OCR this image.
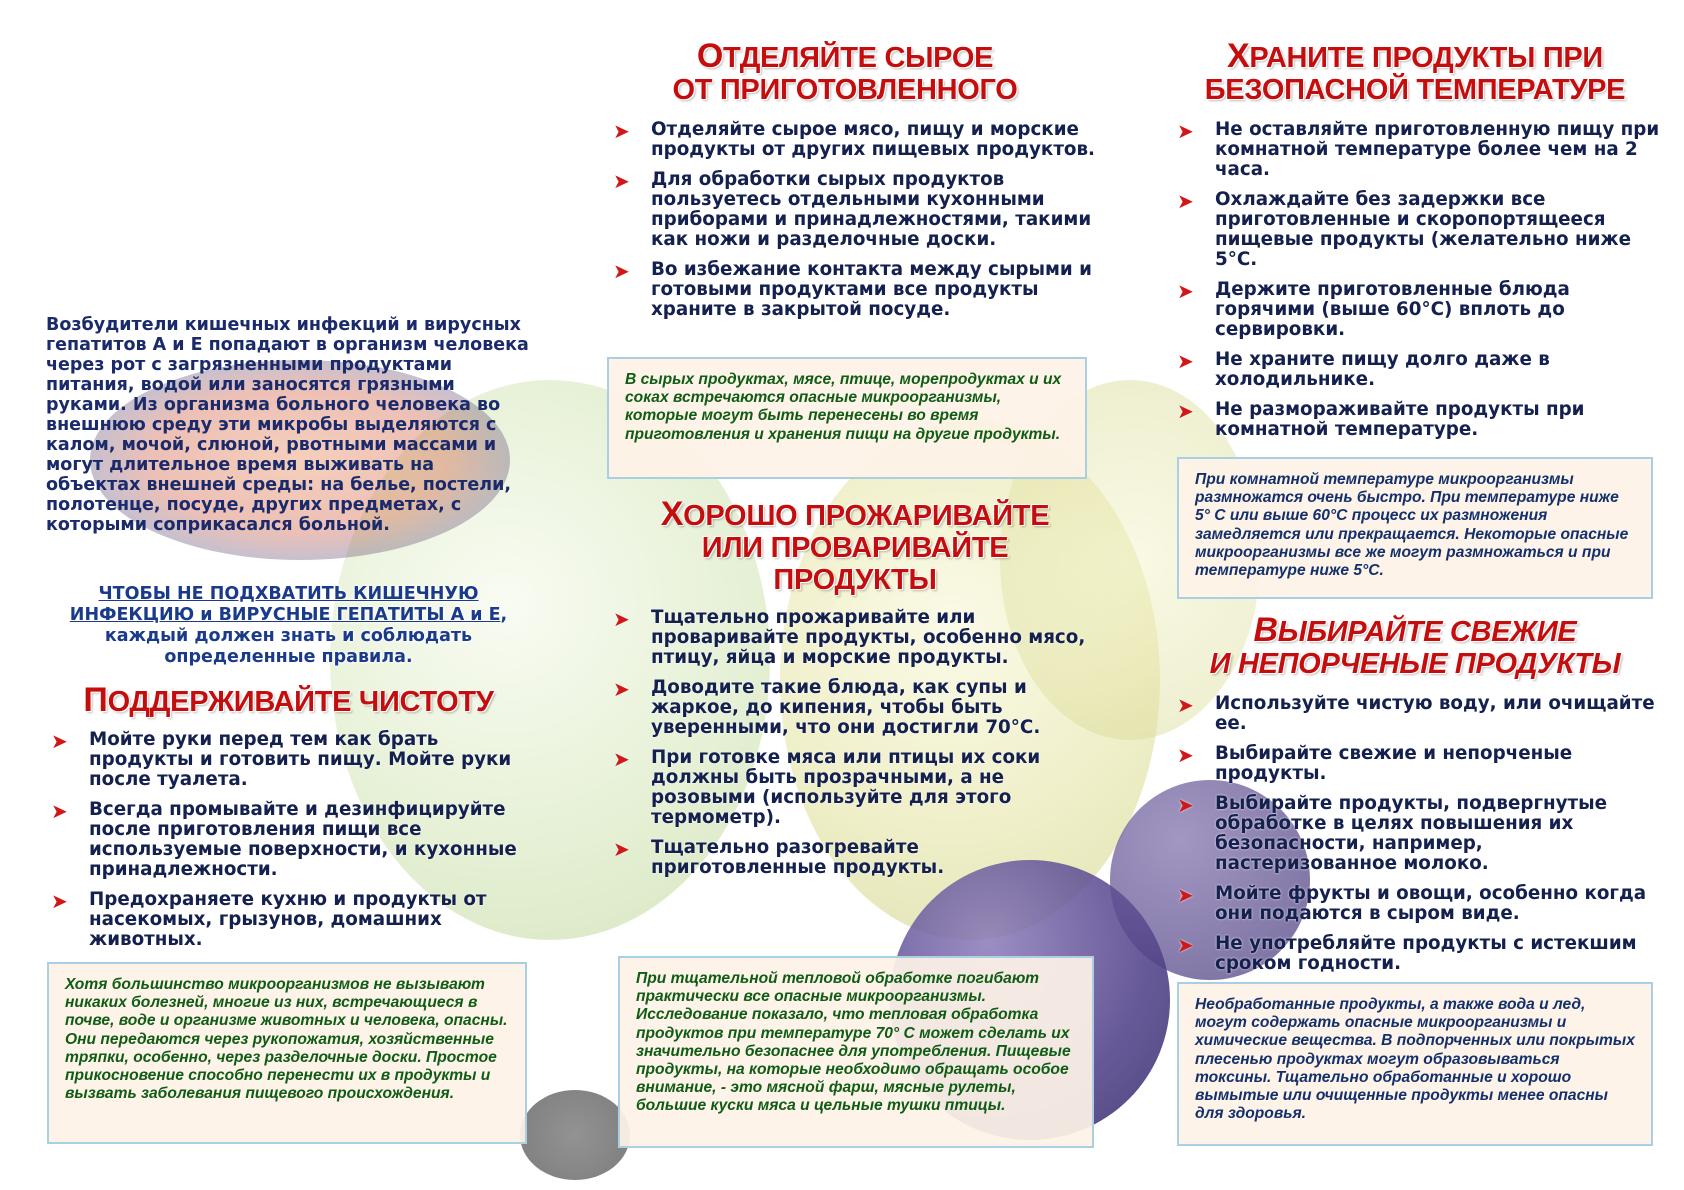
Возбудители кишечных инфекций и вирусных гепатитов А и Е попадают в организм человека через рот с загрязненными продуктами питания, водой или заносятся грязными руками. Из организма больного человека во внешнюю среду эти микробы выделяются с калом, мочой, слюной, рвотными массами и могут длительное время выживать на объектах внешней среды: на белье, постели, полотенце, посуде, других предметах, с которыми соприкасался больной.
ЧТОБЫ НЕ ПОДХВАТИТЬ КИШЕЧНУЮ ИНФЕКЦИЮ и ВИРУСНЫЕ ГЕПАТИТЫ А и Е, каждый должен знать и соблюдать определенные правила.
ПОДДЕРЖИВАЙТЕ ЧИСТОТУ
➤ Мойте руки перед тем как брать продукты и готовить пищу. Мойте руки после туалета.
➤ Всегда промывайте и дезинфицируйте после приготовления пищи все используемые поверхности, и кухонные принадлежности.
➤ Предохраняете кухню и продукты от насекомых, грызунов, домашних животных.
Хотя большинство микроорганизмов не вызывают никаких болезней, многие из них, встречающиеся в почве, воде и организме животных и человека, опасны. Они передаются через рукопожатия, хозяйственные тряпки, особенно, через разделочные доски. Простое прикосновение способно перенести их в продукты и вызвать заболевания пищевого происхождения.
ОТДЕЛЯЙТЕ СЫРОЕ
ОТ ПРИГОТОВЛЕННОГО
➤ Отделяйте сырое мясо, пищу и морские продукты от других пищевых продуктов.
➤ Для обработки сырых продуктов пользуетесь отдельными кухонными приборами и принадлежностями, такими как ножи и разделочные доски.
➤ Во избежание контакта между сырыми и готовыми продуктами все продукты храните в закрытой посуде.
В сырых продуктах, мясе, птице, морепродуктах и их соках встречаются опасные микроорганизмы, которые могут быть перенесены во время приготовления и хранения пищи на другие продукты.
ХОРОШО ПРОЖАРИВАЙТЕ
ИЛИ ПРОВАРИВАЙТЕ
ПРОДУКТЫ
➤ Тщательно прожаривайте или проваривайте продукты, особенно мясо, птицу, яйца и морские продукты.
➤ Доводите такие блюда, как супы и жаркое, до кипения, чтобы быть уверенными, что они достигли 70°С.
➤ При готовке мяса или птицы их соки должны быть прозрачными, а не розовыми (используйте для этого термометр).
➤ Тщательно разогревайте приготовленные продукты.
При тщательной тепловой обработке погибают практически все опасные микроорганизмы. Исследование показало, что тепловая обработка продуктов при температуре 70° С может сделать их значительно безопаснее для употребления. Пищевые продукты, на которые необходимо обращать особое внимание, - это мясной фарш, мясные рулеты, большие куски мяса и цельные тушки птицы.
ХРАНИТЕ ПРОДУКТЫ ПРИ
БЕЗОПАСНОЙ ТЕМПЕРАТУРЕ
➤ Не оставляйте приготовленную пищу при комнатной температуре более чем на 2 часа.
➤ Охлаждайте без задержки все приготовленные и скоропортящееся пищевые продукты (желательно ниже 5°С.
➤ Держите приготовленные блюда горячими (выше 60°С) вплоть до сервировки.
➤ Не храните пищу долго даже в холодильнике.
➤ Не размораживайте продукты при комнатной температуре.
При комнатной температуре микроорганизмы размножатся очень быстро. При температуре ниже 5° С или выше 60°С процесс их размножения замедляется или прекращается. Некоторые опасные микроорганизмы все же могут размножаться и при температуре ниже 5°С.
ВЫБИРАЙТЕ СВЕЖИЕ
И НЕПОРЧЕНЫЕ ПРОДУКТЫ
➤ Используйте чистую воду, или очищайте ее.
➤ Выбирайте свежие и непорченые продукты.
➤ Выбирайте продукты, подвергнутые обработке в целях повышения их безопасности, например, пастеризованное молоко.
➤ Мойте фрукты и овощи, особенно когда они подаются в сыром виде.
➤ Не употребляйте продукты с истекшим сроком годности.
Необработанные продукты, а также вода и лед, могут содержать опасные микроорганизмы и химические вещества. В подпорченных или покрытых плесенью продуктах могут образовываться токсины. Тщательно обработанные и хорошо вымытые или очищенные продукты менее опасны для здоровья.
